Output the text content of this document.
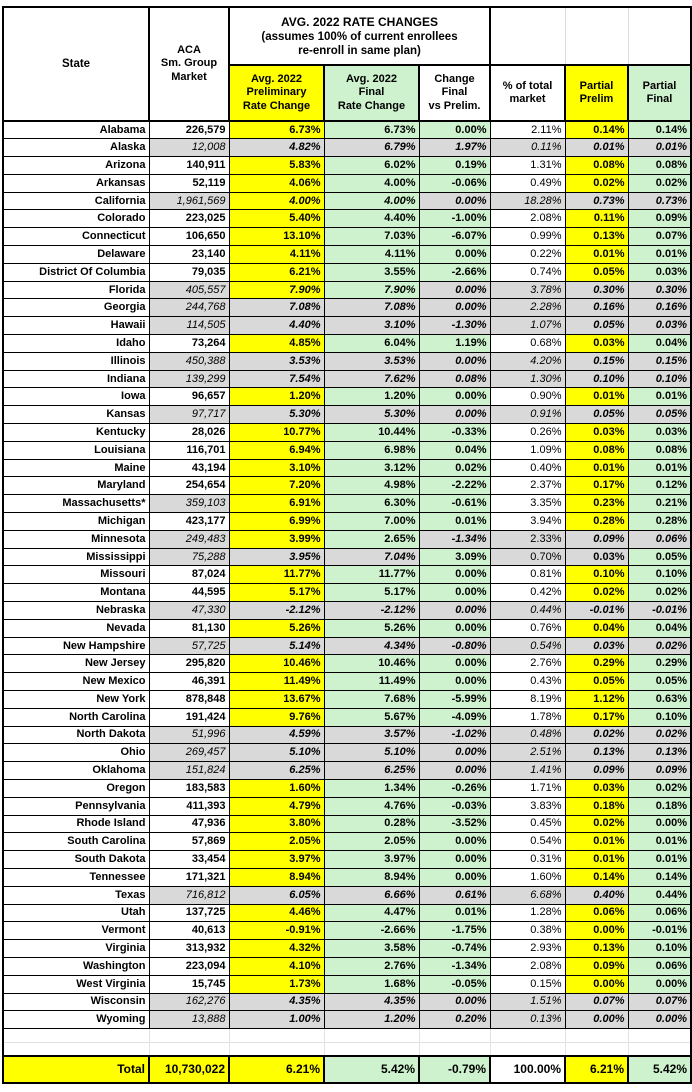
State	
ACA
Sm. Group
Market

AVG. 2022 RATE CHANGES
(assumes 100% of current enrollees
re-enroll in same plan)

Avg. 2022
Preliminary
Rate Change

Avg. 2022
Final
Rate Change

Change
Final
vs Prelim.

% of total
market

Partial
Prelim

Partial
Final

Alabama	226,579	6.73%	6.73%	0.00%	2.11%	0.14%	0.14%
Alaska	12,008	4.82%	6.79%	1.97%	0.11%	0.01%	0.01%
Arizona	140,911	5.83%	6.02%	0.19%	1.31%	0.08%	0.08%
Arkansas	52,119	4.06%	4.00%	-0.06%	0.49%	0.02%	0.02%
California	1,961,569	4.00%	4.00%	0.00%	18.28%	0.73%	0.73%
Colorado	223,025	5.40%	4.40%	-1.00%	2.08%	0.11%	0.09%
Connecticut	106,650	13.10%	7.03%	-6.07%	0.99%	0.13%	0.07%
Delaware	23,140	4.11%	4.11%	0.00%	0.22%	0.01%	0.01%
District Of Columbia	79,035	6.21%	3.55%	-2.66%	0.74%	0.05%	0.03%
Florida	405,557	7.90%	7.90%	0.00%	3.78%	0.30%	0.30%
Georgia	244,768	7.08%	7.08%	0.00%	2.28%	0.16%	0.16%
Hawaii	114,505	4.40%	3.10%	-1.30%	1.07%	0.05%	0.03%
Idaho	73,264	4.85%	6.04%	1.19%	0.68%	0.03%	0.04%
Illinois	450,388	3.53%	3.53%	0.00%	4.20%	0.15%	0.15%
Indiana	139,299	7.54%	7.62%	0.08%	1.30%	0.10%	0.10%
Iowa	96,657	1.20%	1.20%	0.00%	0.90%	0.01%	0.01%
Kansas	97,717	5.30%	5.30%	0.00%	0.91%	0.05%	0.05%
Kentucky	28,026	10.77%	10.44%	-0.33%	0.26%	0.03%	0.03%
Louisiana	116,701	6.94%	6.98%	0.04%	1.09%	0.08%	0.08%
Maine	43,194	3.10%	3.12%	0.02%	0.40%	0.01%	0.01%
Maryland	254,654	7.20%	4.98%	-2.22%	2.37%	0.17%	0.12%
Massachusetts*	359,103	6.91%	6.30%	-0.61%	3.35%	0.23%	0.21%
Michigan	423,177	6.99%	7.00%	0.01%	3.94%	0.28%	0.28%
Minnesota	249,483	3.99%	2.65%	-1.34%	2.33%	0.09%	0.06%
Mississippi	75,288	3.95%	7.04%	3.09%	0.70%	0.03%	0.05%
Missouri	87,024	11.77%	11.77%	0.00%	0.81%	0.10%	0.10%
Montana	44,595	5.17%	5.17%	0.00%	0.42%	0.02%	0.02%
Nebraska	47,330	-2.12%	-2.12%	0.00%	0.44%	-0.01%	-0.01%
Nevada	81,130	5.26%	5.26%	0.00%	0.76%	0.04%	0.04%
New Hampshire	57,725	5.14%	4.34%	-0.80%	0.54%	0.03%	0.02%
New Jersey	295,820	10.46%	10.46%	0.00%	2.76%	0.29%	0.29%
New Mexico	46,391	11.49%	11.49%	0.00%	0.43%	0.05%	0.05%
New York	878,848	13.67%	7.68%	-5.99%	8.19%	1.12%	0.63%
North Carolina	191,424	9.76%	5.67%	-4.09%	1.78%	0.17%	0.10%
North Dakota	51,996	4.59%	3.57%	-1.02%	0.48%	0.02%	0.02%
Ohio	269,457	5.10%	5.10%	0.00%	2.51%	0.13%	0.13%
Oklahoma	151,824	6.25%	6.25%	0.00%	1.41%	0.09%	0.09%
Oregon	183,583	1.60%	1.34%	-0.26%	1.71%	0.03%	0.02%
Pennsylvania	411,393	4.79%	4.76%	-0.03%	3.83%	0.18%	0.18%
Rhode Island	47,936	3.80%	0.28%	-3.52%	0.45%	0.02%	0.00%
South Carolina	57,869	2.05%	2.05%	0.00%	0.54%	0.01%	0.01%
South Dakota	33,454	3.97%	3.97%	0.00%	0.31%	0.01%	0.01%
Tennessee	171,321	8.94%	8.94%	0.00%	1.60%	0.14%	0.14%
Texas	716,812	6.05%	6.66%	0.61%	6.68%	0.40%	0.44%
Utah	137,725	4.46%	4.47%	0.01%	1.28%	0.06%	0.06%
Vermont	40,613	-0.91%	-2.66%	-1.75%	0.38%	0.00%	-0.01%
Virginia	313,932	4.32%	3.58%	-0.74%	2.93%	0.13%	0.10%
Washington	223,094	4.10%	2.76%	-1.34%	2.08%	0.09%	0.06%
West Virginia	15,745	1.73%	1.68%	-0.05%	0.15%	0.00%	0.00%
Wisconsin	162,276	4.35%	4.35%	0.00%	1.51%	0.07%	0.07%
Wyoming	13,888	1.00%	1.20%	0.20%	0.13%	0.00%	0.00%

Total	10,730,022	6.21%	5.42%	-0.79%	100.00%	6.21%	5.42%
